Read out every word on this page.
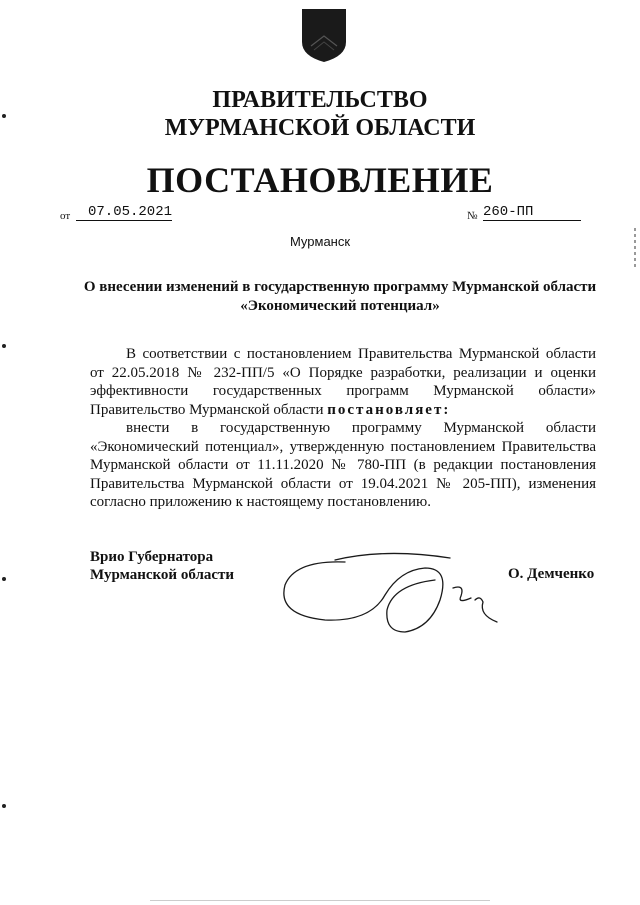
ПРАВИТЕЛЬСТВО
МУРМАНСКОЙ ОБЛАСТИ
ПОСТАНОВЛЕНИЕ
от	07.05.2021	№ 260-ПП
Мурманск
О внесении изменений в государственную программу Мурманской области
«Экономический потенциал»

В соответствии с постановлением Правительства Мурманской области от 22.05.2018 № 232-ПП/5 «О Порядке разработки, реализации и оценки эффективности государственных программ Мурманской области» Правительство Мурманской области постановляет:

внести в государственную программу Мурманской области «Экономический потенциал», утвержденную постановлением Правительства Мурманской области от 11.11.2020 № 780-ПП (в редакции постановления Правительства Мурманской области от 19.04.2021 № 205-ПП), изменения согласно приложению к настоящему постановлению.

Врио Губернатора
Мурманской области	О. Демченко
